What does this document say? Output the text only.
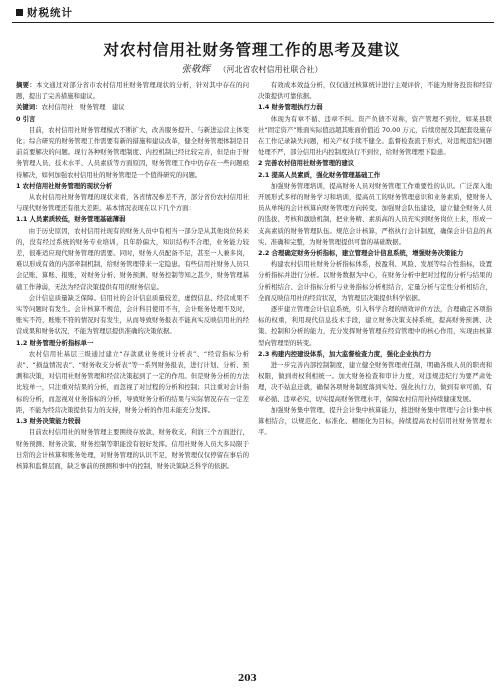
财税统计
对农村信用社财务管理工作的思考及建议
张敬辉 （河北省农村信用社联合社）

摘要：本文通过对部分省市农村信用社财务管理现状的分析，针对其中存在的问题，提出了完善措施和建议。

关键词：农村信用社　财务管理　建议

0 引言

目前，农村信用社财务管理模式不断扩大，改善服务提升、与新进运营主体变化；综合研究的财务管理工作需要有新的措施和建议改革，健全财务管理体制是目前首要解决的问题。现行各种财务管理制度、内控机制已经比较完善，但是由于财务管理人员、技术水平、人员素质等方面原因，财务管理工作中仍存在一些问题亟待解决，如何加强农村信用社的财务管理是一个值得研究的问题。

1 农村信用社财务管理的现状分析

从农村信用社财务管理的现状来看，各省情况参差不齐，部分省份农村信用社与现代财务管理还有很大差距。基本情况表现在以下几个方面：

1.1 人员素质较低，财务管理基础薄弱

由于历史原因，农村信用社现有的财务人员中有相当一部分是从其他岗位转来的，没有经过系统的财务专业培训，且年龄偏大，知识结构不合理，业务能力较差，很难适应现代财务管理的需要。同时，财务人员配备不足，甚至一人兼多岗，难以形成有效的内部牵制机制，给财务管理带来一定隐患。有些信用社财务人员只会记账、算账、报账，对财务分析、财务预测、财务控制等知之甚少，财务管理基础工作薄弱，无法为经营决策提供有用的财务信息。

会计信息质量缺乏保障。信用社的会计信息质量较差，虚假信息、经营成果不实等问题时有发生。会计核算不规范，会计科目使用不当，会计账务处理不及时，账实不符、账账不符的情况时有发生，从而导致财务报表不能真实反映信用社的经营成果和财务状况，不能为管理层提供准确的决策依据。

1.2 财务管理分析指标单一

农村信用社基层三级通过建立“存款就业务统计分析表”、“经营指标分析表”、“损益情况表”、“财务收支分析表”等一系列财务报表，进行计划、分析、预测和决策，对信用社财务管理和经营决策起到了一定的作用。但是财务分析的方法比较单一，只注重对结果的分析，而忽视了对过程的分析和控制；只注重对会计指标的分析，而忽视对业务指标的分析，导致财务分析的结果与实际情况存在一定差距，不能为经营决策提供有力的支持，财务分析的作用未能充分发挥。

1.3 财务决策能力较弱

目前农村信用社的财务管理主要围绕存放款、财务收支、利润三个方面进行，财务预测、财务决策、财务控制等职能没有很好发挥。信用社财务人员大多局限于日常的会计核算和账务处理，对财务管理的认识不足，财务管理仅仅停留在事后的核算和监督层面，缺乏事前的预测和事中的控制，财务决策缺乏科学的依据。

有效成本效益分析，仅仅通过核算统计进行主观评价，不能为财务投资和经营决策提供可靠依据。

1.4 财务管理执行力弱

体现为有章不循、违章不纠。资产负债不对称，资产管理不到位，如某县联社“固定资产”账面实际值远超其账面价值近 70.00 万元，后续房屋及其配套设施存在工作记录缺失问题，相关产权手续不健全。监督检查流于形式，对违规违纪问题处理不严，部分信用社内控制度执行不到位，给财务管理埋下隐患。

2 完善农村信用社财务管理的建议

2.1 提高人员素质，强化财务管理基础工作

加强财务管理培训，提高财务人员对财务管理工作重要性的认识。广泛深入地开展形式多样的财务学习和培训，提高员工的财务管理意识和业务素质，使财务人员从单纯的会计核算向财务管理方向转变。加强财会队伍建设，建立健全财务人员的选拔、考核和激励机制，把业务精、素质高的人员充实到财务岗位上来，形成一支高素质的财务管理队伍。规范会计核算，严格执行会计制度，确保会计信息的真实、准确和完整，为财务管理提供可靠的基础数据。

2.2 合理确定财务分析指标，建立管理会计信息系统，增强财务决策能力

构建农村信用社财务分析指标体系，按盈利、风险、发展等综合性指标，设置分析指标并进行分析。以财务数据为中心，在财务分析中把对过程的分析与结果的分析相结合、会计指标分析与业务指标分析相结合，定量分析与定性分析相结合，全面反映信用社的经营状况，为管理层决策提供科学依据。

逐步建立管理会计信息系统，引入科学合理的绩效评价方法，合理确定各项指标的权重，利用现代信息技术手段，建立财务决策支持系统，提高财务预测、决策、控制和分析的能力，充分发挥财务管理在经营管理中的核心作用，实现由核算型向管理型的转变。

2.3 构建内控建设体系，加大监督检查力度，强化企业执行力

进一步完善内部控制制度，建立健全财务管理责任制，明确各级人员的职责和权限，做到责权利相统一。加大财务检查和审计力度，对违规违纪行为要严肃处理，决不姑息迁就，确保各项财务制度落到实处。强化执行力，做到有章可循、有章必循、违章必究，切实提高财务管理水平，保障农村信用社持续健康发展。

加强财务集中管理，提升会计集中核算能力，推进财务集中管理与会计集中核算相结合，以规范化、标准化、精细化为目标，持续提高农村信用社财务管理水平。

203
